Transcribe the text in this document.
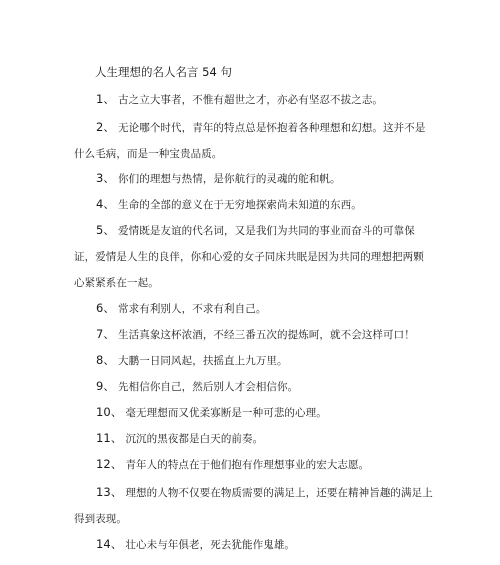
人生理想的名人名言 54 句

1、 古之立大事者，不惟有超世之才，亦必有坚忍不拔之志。

2、 无论哪个时代，青年的特点总是怀抱着各种理想和幻想。这并不是什么毛病，而是一种宝贵品质。

3、 你们的理想与热情，是你航行的灵魂的舵和帆。

4、 生命的全部的意义在于无穷地探索尚未知道的东西。

5、 爱情既是友谊的代名词，又是我们为共同的事业而奋斗的可靠保证，爱情是人生的良伴，你和心爱的女子同床共眠是因为共同的理想把两颗心紧紧系在一起。

6、 常求有利别人，不求有利自己。

7、 生活真象这杯浓酒，不经三番五次的提炼呵，就不会这样可口！

8、 大鹏一日同风起，扶摇直上九万里。

9、 先相信你自己，然后别人才会相信你。

10、 毫无理想而又优柔寡断是一种可悲的心理。

11、 沉沉的黑夜都是白天的前奏。

12、 青年人的特点在于他们抱有作理想事业的宏大志愿。

13、 理想的人物不仅要在物质需要的满足上，还要在精神旨趣的满足上得到表现。

14、 壮心未与年俱老，死去犹能作鬼雄。
